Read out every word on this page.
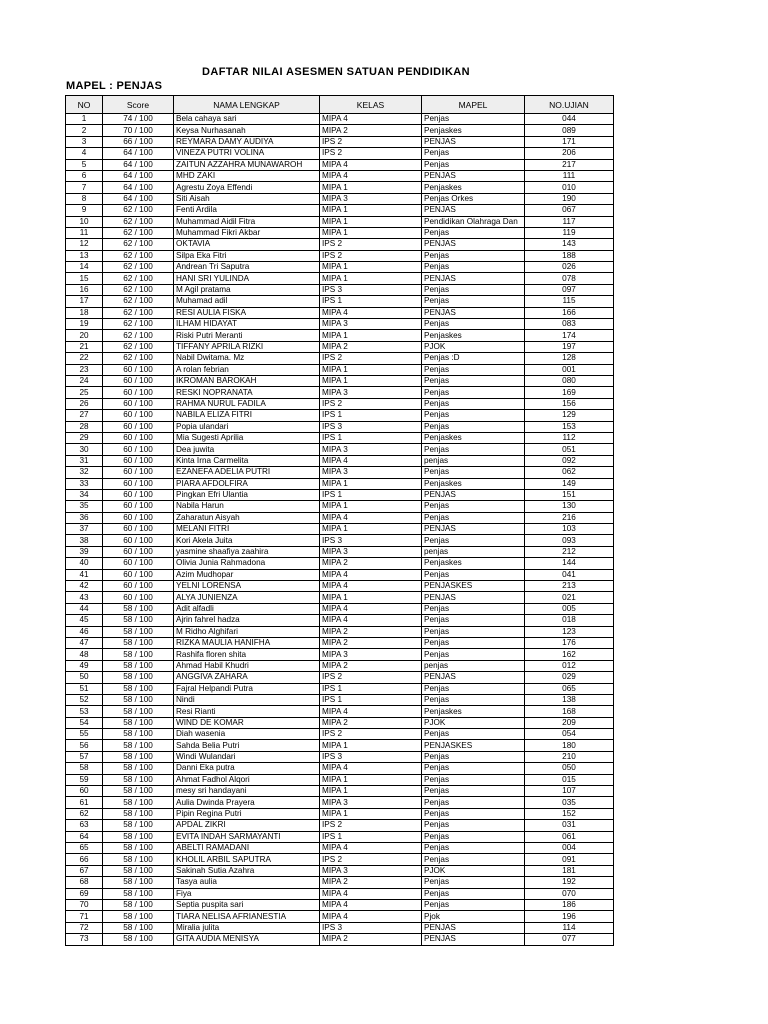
DAFTAR NILAI ASESMEN SATUAN PENDIDIKAN
MAPEL : PENJAS
NO	Score	NAMA LENGKAP	KELAS	MAPEL	NO.UJIAN
1	74 / 100	Bela cahaya sari	MIPA 4	Penjas	044
2	70 / 100	Keysa Nurhasanah	MIPA 2	Penjaskes	089
3	66 / 100	REYMARA DAMY AUDIYA	IPS 2	PENJAS	171
4	64 / 100	VINEZA PUTRI VOLINA	IPS 2	Penjas	206
5	64 / 100	ZAITUN AZZAHRA MUNAWAROH	MIPA 4	Penjas	217
6	64 / 100	MHD ZAKI	MIPA 4	PENJAS	111
7	64 / 100	Agrestu Zoya Effendi	MIPA 1	Penjaskes	010
8	64 / 100	Siti Aisah	MIPA 3	Penjas Orkes	190
9	62 / 100	Fenti Ardila	MIPA 1	PENJAS	067
10	62 / 100	Muhammad Aidil Fitra	MIPA 1	Pendidikan Olahraga Dan	117
11	62 / 100	Muhammad Fikri Akbar	MIPA 1	Penjas	119
12	62 / 100	OKTAVIA	IPS 2	PENJAS	143
13	62 / 100	Silpa Eka Fitri	IPS 2	Penjas	188
14	62 / 100	Andrean Tri Saputra	MIPA 1	Penjas	026
15	62 / 100	HANI SRI YULINDA	MIPA 1	PENJAS	078
16	62 / 100	M Agil pratama	IPS 3	Penjas	097
17	62 / 100	Muhamad adil	IPS 1	Penjas	115
18	62 / 100	RESI AULIA FISKA	MIPA 4	PENJAS	166
19	62 / 100	ILHAM HIDAYAT	MIPA 3	Penjas	083
20	62 / 100	Riski Putri Meranti	MIPA 1	Penjaskes	174
21	62 / 100	TIFFANY APRILA RIZKI	MIPA 2	PJOK	197
22	62 / 100	Nabil Dwitama. Mz	IPS 2	Penjas :D	128
23	60 / 100	A rolan febrian	MIPA 1	Penjas	001
24	60 / 100	IKROMAN BAROKAH	MIPA 1	Penjas	080
25	60 / 100	RESKI NOPRANATA	MIPA 3	Penjas	169
26	60 / 100	RAHMA NURUL FADILA	IPS 2	Penjas	156
27	60 / 100	NABILA ELIZA FITRI	IPS 1	Penjas	129
28	60 / 100	Popia ulandari	IPS 3	Penjas	153
29	60 / 100	Mia Sugesti Aprilia	IPS 1	Penjaskes	112
30	60 / 100	Dea juwita	MIPA 3	Penjas	051
31	60 / 100	Kinta Irna Carmelita	MIPA 4	penjas	092
32	60 / 100	EZANEFA ADELIA PUTRI	MIPA 3	Penjas	062
33	60 / 100	PIARA AFDOLFIRA	MIPA 1	Penjaskes	149
34	60 / 100	Pingkan Efri Ulantia	IPS 1	PENJAS	151
35	60 / 100	Nabila Harun	MIPA 1	Penjas	130
36	60 / 100	Zaharatun Aisyah	MIPA 4	Penjas	216
37	60 / 100	MELANI FITRI	MIPA 1	PENJAS	103
38	60 / 100	Kori Akela Juita	IPS 3	Penjas	093
39	60 / 100	yasmine shaafiya zaahira	MIPA 3	penjas	212
40	60 / 100	Olivia Junia Rahmadona	MIPA 2	Penjaskes	144
41	60 / 100	Azim Mudhopar	MIPA 4	Penjas	041
42	60 / 100	YELNI LORENSA	MIPA 4	PENJASKES	213
43	60 / 100	ALYA JUNIENZA	MIPA 1	PENJAS	021
44	58 / 100	Adit alfadli	MIPA 4	Penjas	005
45	58 / 100	Ajrin fahrel hadza	MIPA 4	Penjas	018
46	58 / 100	M Ridho Alghifari	MIPA 2	Penjas	123
47	58 / 100	RIZKA MAULIA HANIFHA	MIPA 2	Penjas	176
48	58 / 100	Rashifa floren shita	MIPA 3	Penjas	162
49	58 / 100	Ahmad Habil Khudri	MIPA 2	penjas	012
50	58 / 100	ANGGIVA ZAHARA	IPS 2	PENJAS	029
51	58 / 100	Fajral Helpandi Putra	IPS 1	Penjas	065
52	58 / 100	Nindi	IPS 1	Penjas	138
53	58 / 100	Resi Rianti	MIPA 4	Penjaskes	168
54	58 / 100	WIND DE KOMAR	MIPA 2	PJOK	209
55	58 / 100	Diah wasenia	IPS 2	Penjas	054
56	58 / 100	Sahda Belia Putri	MIPA 1	PENJASKES	180
57	58 / 100	Windi Wulandari	IPS 3	Penjas	210
58	58 / 100	Danni Eka putra	MIPA 4	Penjas	050
59	58 / 100	Ahmat Fadhol Alqori	MIPA 1	Penjas	015
60	58 / 100	mesy sri handayani	MIPA 1	Penjas	107
61	58 / 100	Aulia Dwinda Prayera	MIPA 3	Penjas	035
62	58 / 100	Pipin Regina Putri	MIPA 1	Penjas	152
63	58 / 100	APDAL ZIKRI	IPS 2	Penjas	031
64	58 / 100	EVITA INDAH SARMAYANTI	IPS 1	Penjas	061
65	58 / 100	ABELTI RAMADANI	MIPA 4	Penjas	004
66	58 / 100	KHOLIL ARBIL SAPUTRA	IPS 2	Penjas	091
67	58 / 100	Sakinah Sutia Azahra	MIPA 3	PJOK	181
68	58 / 100	Tasya aulia	MIPA 2	Penjas	192
69	58 / 100	Fiya	MIPA 4	Penjas	070
70	58 / 100	Septia puspita sari	MIPA 4	Penjas	186
71	58 / 100	TIARA NELISA AFRIANESTIA	MIPA 4	Pjok	196
72	58 / 100	Miralia julita	IPS 3	PENJAS	114
73	58 / 100	GITA AUDIA MENISYA	MIPA 2	PENJAS	077
